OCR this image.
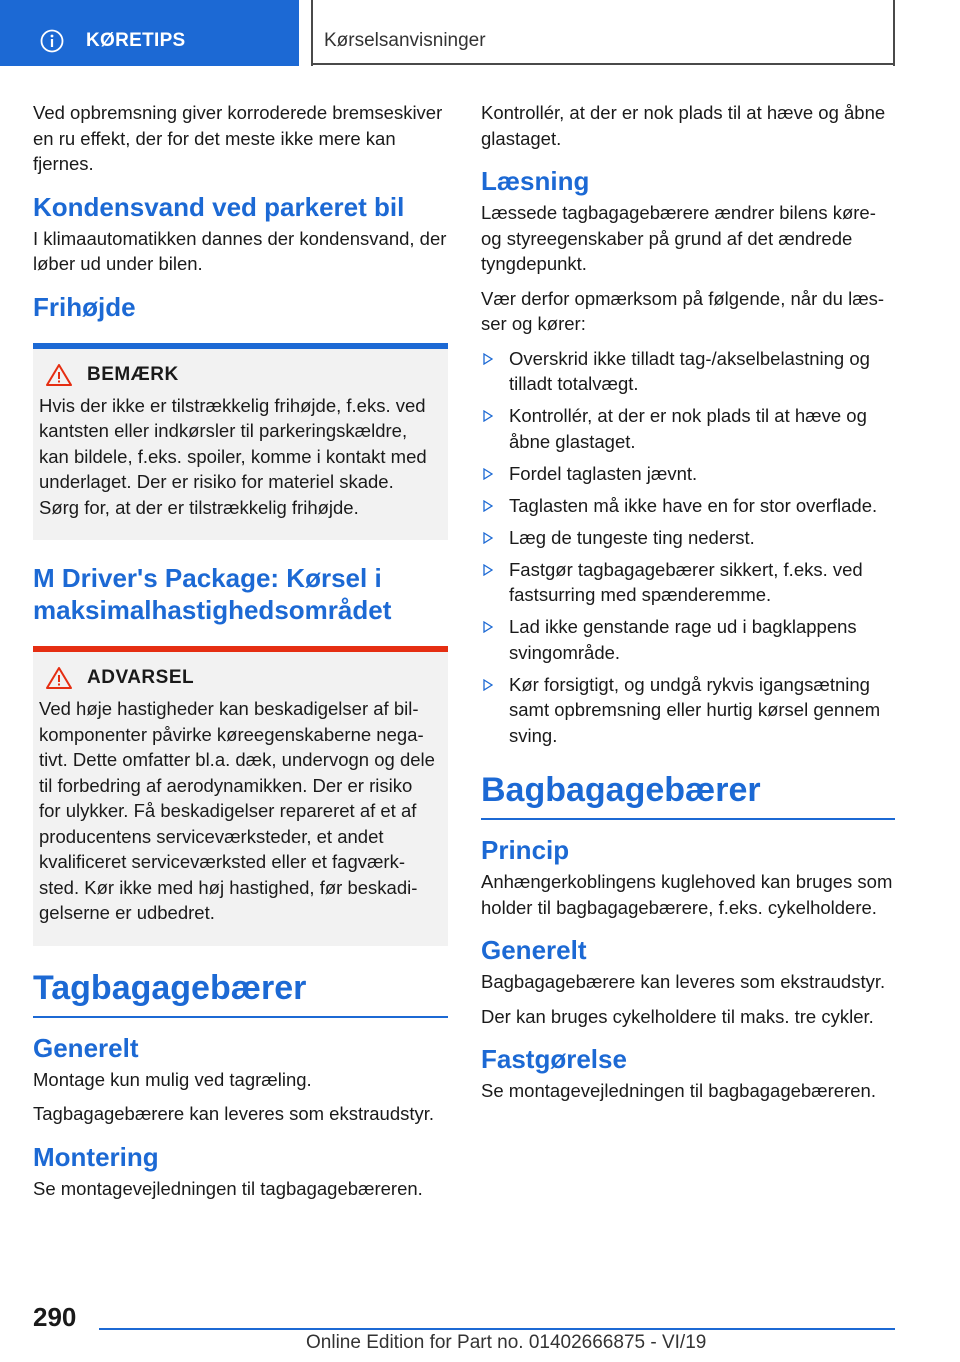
KØRETIPS	Kørselsanvisninger

Ved opbremsning giver korroderede bremseskiver en ru effekt, der for det meste ikke mere kan fjernes.

Kondensvand ved parkeret bil

I klimaautomatikken dannes der kondensvand, der løber ud under bilen.

Frihøjde
BEMÆRK

Hvis der ikke er tilstrækkelig frihøjde, f.eks. ved kantsten eller indkørsler til parkeringskældre, kan bildele, f.eks. spoiler, komme i kontakt med underlaget. Der er risiko for materiel skade. Sørg for, at der er tilstrækkelig frihøjde.

M Driver's Package: Kørsel i maksimalhastighedsområdet
ADVARSEL

Ved høje hastigheder kan beskadigelser af bilkomponenter påvirke køreegenskaberne negativt. Dette omfatter bl.a. dæk, undervogn og dele til forbedring af aerodynamikken. Der er risiko for ulykker. Få beskadigelser repareret af et af producentens serviceværksteder, et andet kvalificeret serviceværksted eller et fagværksted. Kør ikke med høj hastighed, før beskadigelserne er udbedret.

Tagbagagebærer
Generelt

Montage kun mulig ved tagræling.

Tagbagagebærere kan leveres som ekstraudstyr.

Montering

Se montagevejledningen til tagbagagebæreren.

Kontrollér, at der er nok plads til at hæve og åbne glastaget.

Læsning

Læssede tagbagagebærere ændrer bilens køre- og styreegenskaber på grund af det ændrede tyngdepunkt.

Vær derfor opmærksom på følgende, når du læsser og kører:

Overskrid ikke tilladt tag-/akselbelastning og tilladt totalvægt.
Kontrollér, at der er nok plads til at hæve og åbne glastaget.
Fordel taglasten jævnt.
Taglasten må ikke have en for stor overflade.
Læg de tungeste ting nederst.
Fastgør tagbagagebærer sikkert, f.eks. ved fastsurring med spænderemme.
Lad ikke genstande rage ud i bagklappens svingområde.
Kør forsigtigt, og undgå rykvis igangsætning samt opbremsning eller hurtig kørsel gennem sving.
Bagbagagebærer
Princip

Anhængerkoblingens kuglehoved kan bruges som holder til bagbagagebærere, f.eks. cykelholdere.

Generelt

Bagbagagebærere kan leveres som ekstraudstyr.

Der kan bruges cykelholdere til maks. tre cykler.

Fastgørelse

Se montagevejledningen til bagbagagebæreren.

290
Online Edition for Part no. 01402666875 - VI/19
